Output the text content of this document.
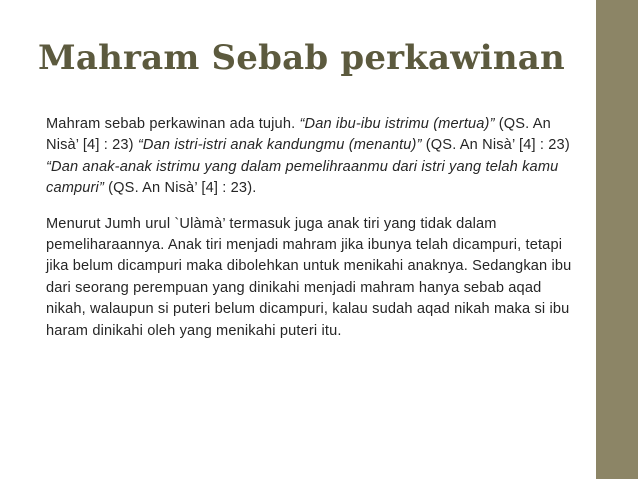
Mahram Sebab perkawinan

Mahram sebab perkawinan ada tujuh. “Dan ibu-ibu istrimu (mertua)” (QS. An Nisà’ [4] : 23) “Dan istri-istri anak kandungmu (menantu)” (QS. An Nisà’ [4] : 23) “Dan anak-anak istrimu yang dalam pemelihraanmu dari istri yang telah kamu campuri” (QS. An Nisà’ [4] : 23).

Menurut Jumh urul `Ulàmà’ termasuk juga anak tiri yang tidak dalam pemeliharaannya. Anak tiri menjadi mahram jika ibunya telah dicampuri, tetapi jika belum dicampuri maka dibolehkan untuk menikahi anaknya. Sedangkan ibu dari seorang perempuan yang dinikahi menjadi mahram hanya sebab aqad nikah, walaupun si puteri belum dicampuri, kalau sudah aqad nikah maka si ibu haram dinikahi oleh yang menikahi puteri itu.
